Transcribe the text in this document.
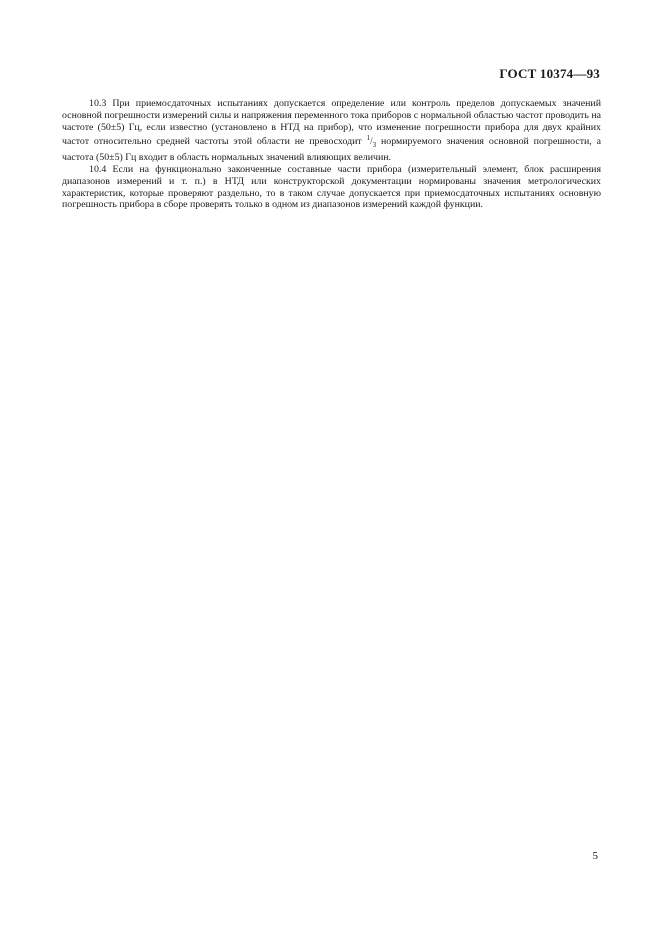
ГОСТ 10374—93

10.3 При приемосдаточных испытаниях допускается определение или контроль пределов допускаемых значений основной погрешности измерений силы и напряжения переменного тока приборов с нормальной областью частот проводить на частоте (50±5) Гц, если известно (установлено в НТД на прибор), что изменение погрешности прибора для двух крайних частот относительно средней частоты этой области не превосходит $^1/_3$ нормируемого значения основной погрешности, а частота (50±5) Гц входит в область нормальных значений влияющих величин.

10.4 Если на функционально законченные составные части прибора (измерительный элемент, блок расширения диапазонов измерений и т. п.) в НТД или конструкторской документации нормированы значения метрологических характеристик, которые проверяют раздельно, то в таком случае допускается при приемосдаточных испытаниях основную погрешность прибора в сборе проверять только в одном из диапазонов измерений каждой функции.

5
